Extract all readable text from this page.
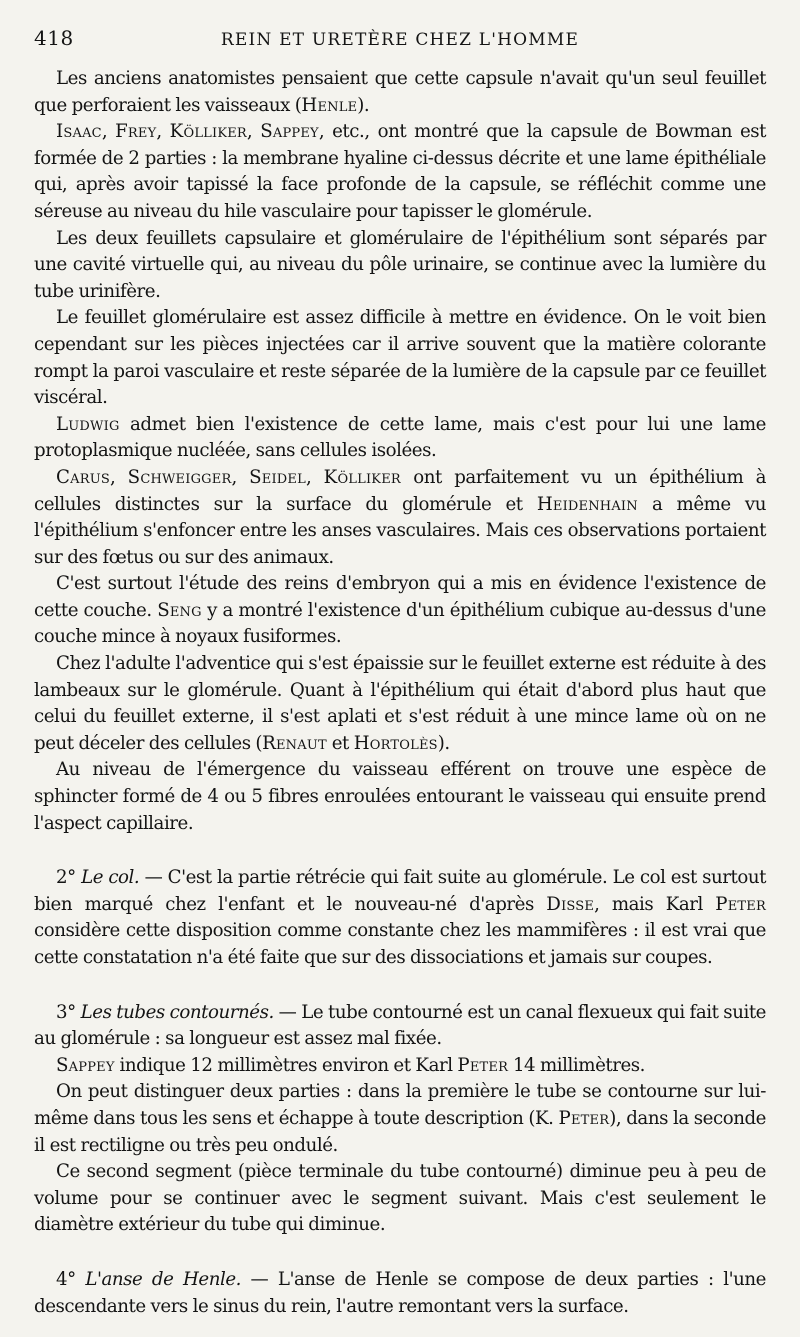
418	REIN ET URETÈRE CHEZ L'HOMME

Les anciens anatomistes pensaient que cette capsule n'avait qu'un seul feuillet que perforaient les vaisseaux (Henle).

Isaac, Frey, Kölliker, Sappey, etc., ont montré que la capsule de Bowman est formée de 2 parties : la membrane hyaline ci-dessus décrite et une lame épithéliale qui, après avoir tapissé la face profonde de la capsule, se réfléchit comme une séreuse au niveau du hile vasculaire pour tapisser le glomérule.

Les deux feuillets capsulaire et glomérulaire de l'épithélium sont séparés par une cavité virtuelle qui, au niveau du pôle urinaire, se continue avec la lumière du tube urinifère.

Le feuillet glomérulaire est assez difficile à mettre en évidence. On le voit bien cependant sur les pièces injectées car il arrive souvent que la matière colorante rompt la paroi vasculaire et reste séparée de la lumière de la capsule par ce feuillet viscéral.

Ludwig admet bien l'existence de cette lame, mais c'est pour lui une lame protoplasmique nucléée, sans cellules isolées.

Carus, Schweigger, Seidel, Kölliker ont parfaitement vu un épithélium à cellules distinctes sur la surface du glomérule et Heidenhain a même vu l'épithélium s'enfoncer entre les anses vasculaires. Mais ces observations portaient sur des fœtus ou sur des animaux.

C'est surtout l'étude des reins d'embryon qui a mis en évidence l'existence de cette couche. Seng y a montré l'existence d'un épithélium cubique au-dessus d'une couche mince à noyaux fusiformes.

Chez l'adulte l'adventice qui s'est épaissie sur le feuillet externe est réduite à des lambeaux sur le glomérule. Quant à l'épithélium qui était d'abord plus haut que celui du feuillet externe, il s'est aplati et s'est réduit à une mince lame où on ne peut déceler des cellules (Renaut et Hortolès).

Au niveau de l'émergence du vaisseau efférent on trouve une espèce de sphincter formé de 4 ou 5 fibres enroulées entourant le vaisseau qui ensuite prend l'aspect capillaire.

2° Le col. — C'est la partie rétrécie qui fait suite au glomérule. Le col est surtout bien marqué chez l'enfant et le nouveau-né d'après Disse, mais Karl Peter considère cette disposition comme constante chez les mammifères : il est vrai que cette constatation n'a été faite que sur des dissociations et jamais sur coupes.

3° Les tubes contournés. — Le tube contourné est un canal flexueux qui fait suite au glomérule : sa longueur est assez mal fixée.

Sappey indique 12 millimètres environ et Karl Peter 14 millimètres.

On peut distinguer deux parties : dans la première le tube se contourne sur lui-même dans tous les sens et échappe à toute description (K. Peter), dans la seconde il est rectiligne ou très peu ondulé.

Ce second segment (pièce terminale du tube contourné) diminue peu à peu de volume pour se continuer avec le segment suivant. Mais c'est seulement le diamètre extérieur du tube qui diminue.

4° L'anse de Henle. — L'anse de Henle se compose de deux parties : l'une descendante vers le sinus du rein, l'autre remontant vers la surface.
